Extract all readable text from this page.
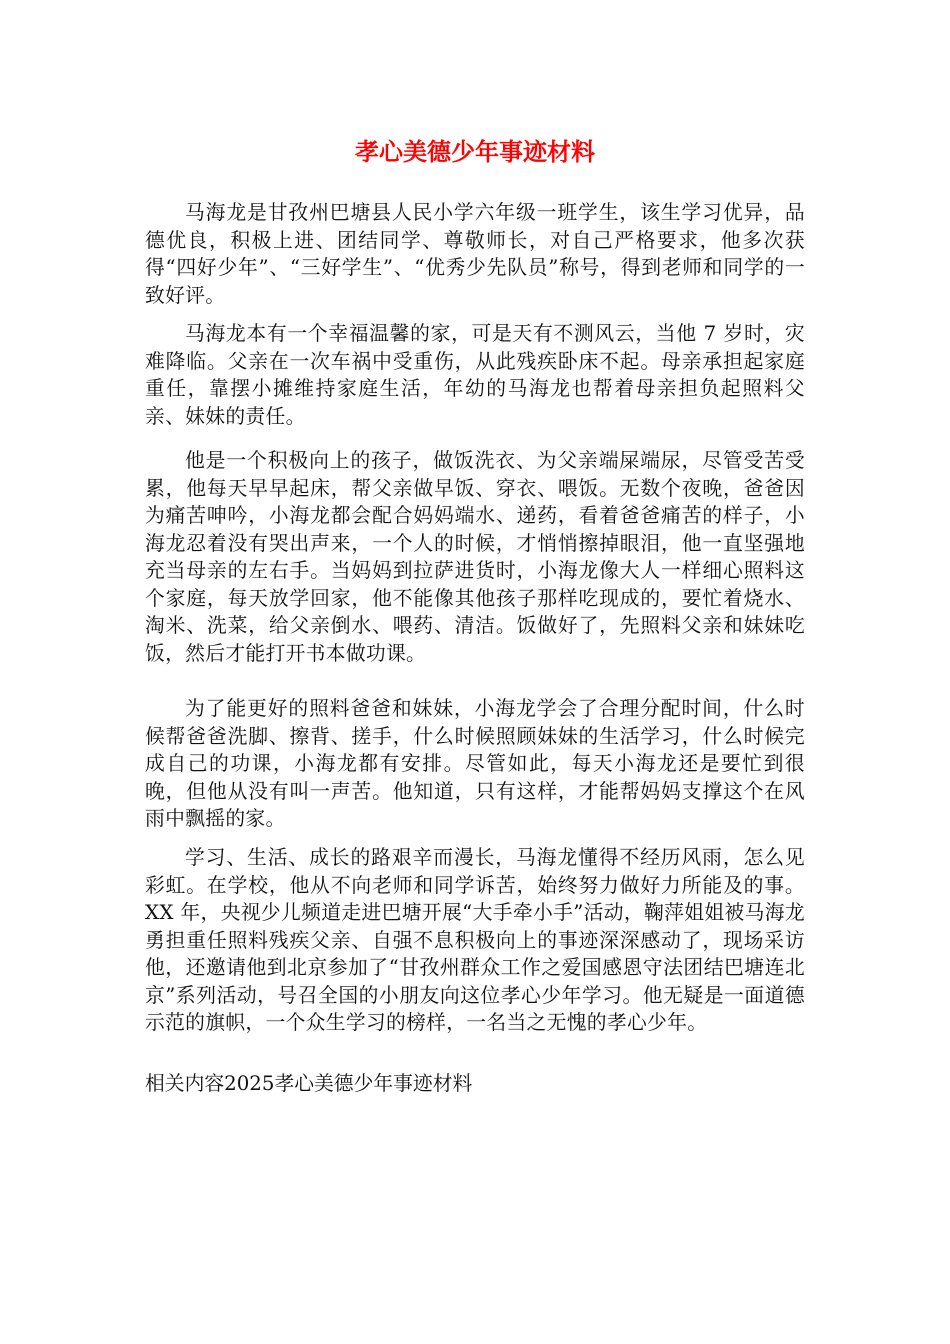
孝心美德少年事迹材料

马海龙是甘孜州巴塘县人民小学六年级一班学生，该生学习优异，品德优良，积极上进、团结同学、尊敬师长，对自己严格要求，他多次获得“四好少年”、“三好学生”、“优秀少先队员”称号，得到老师和同学的一致好评。

马海龙本有一个幸福温馨的家，可是天有不测风云，当他 7 岁时，灾难降临。父亲在一次车祸中受重伤，从此残疾卧床不起。母亲承担起家庭重任，靠摆小摊维持家庭生活，年幼的马海龙也帮着母亲担负起照料父亲、妹妹的责任。

他是一个积极向上的孩子，做饭洗衣、为父亲端屎端尿，尽管受苦受累，他每天早早起床，帮父亲做早饭、穿衣、喂饭。无数个夜晚，爸爸因为痛苦呻吟，小海龙都会配合妈妈端水、递药，看着爸爸痛苦的样子，小海龙忍着没有哭出声来，一个人的时候，才悄悄擦掉眼泪，他一直坚强地充当母亲的左右手。当妈妈到拉萨进货时，小海龙像大人一样细心照料这个家庭，每天放学回家，他不能像其他孩子那样吃现成的，要忙着烧水、淘米、洗菜，给父亲倒水、喂药、清洁。饭做好了，先照料父亲和妹妹吃饭，然后才能打开书本做功课。

为了能更好的照料爸爸和妹妹，小海龙学会了合理分配时间，什么时候帮爸爸洗脚、擦背、搓手，什么时候照顾妹妹的生活学习，什么时候完成自己的功课，小海龙都有安排。尽管如此，每天小海龙还是要忙到很晚，但他从没有叫一声苦。他知道，只有这样，才能帮妈妈支撑这个在风雨中飘摇的家。

学习、生活、成长的路艰辛而漫长，马海龙懂得不经历风雨，怎么见彩虹。在学校，他从不向老师和同学诉苦，始终努力做好力所能及的事。XX 年，央视少儿频道走进巴塘开展“大手牵小手”活动，鞠萍姐姐被马海龙勇担重任照料残疾父亲、自强不息积极向上的事迹深深感动了，现场采访他，还邀请他到北京参加了“甘孜州群众工作之爱国感恩守法团结巴塘连北京”系列活动，号召全国的小朋友向这位孝心少年学习。他无疑是一面道德示范的旗帜，一个众生学习的榜样，一名当之无愧的孝心少年。

相关内容2025孝心美德少年事迹材料
